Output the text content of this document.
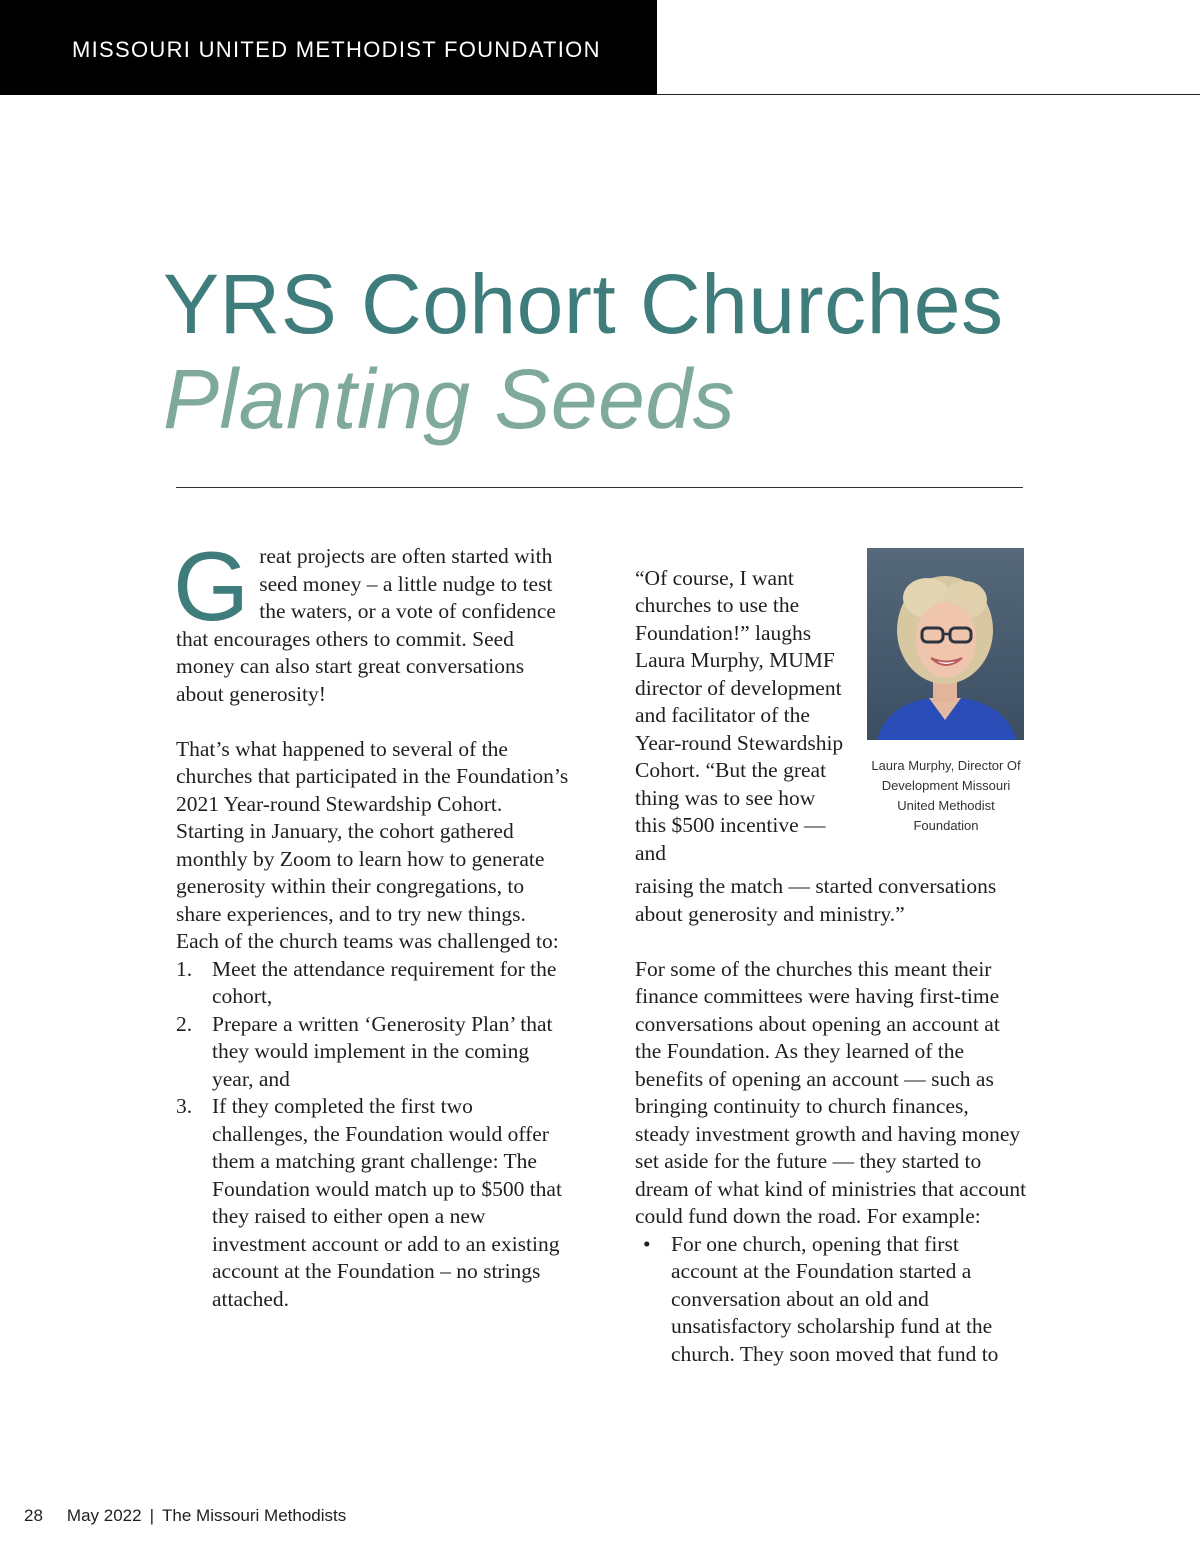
MISSOURI UNITED METHODIST FOUNDATION
YRS Cohort Churches
Planting Seeds

Great projects are often started with seed money – a little nudge to test the waters, or a vote of confidence that encourages others to commit. Seed money can also start great conversations about generosity!

That’s what happened to several of the churches that participated in the Foundation’s 2021 Year-round Stewardship Cohort. Starting in January, the cohort gathered monthly by Zoom to learn how to generate generosity within their congregations, to share experiences, and to try new things. Each of the church teams was challenged to:

1. Meet the attendance requirement for the cohort,
2. Prepare a written ‘Generosity Plan’ that they would implement in the coming year, and
3. If they completed the first two challenges, the Foundation would offer them a matching grant challenge: The Foundation would match up to $500 that they raised to either open a new investment account or add to an existing account at the Foundation – no strings attached.

“Of course, I want churches to use the Foundation!” laughs Laura Murphy, MUMF director of development and facilitator of the Year-round Stewardship Cohort. “But the great thing was to see how this $500 incentive — and

Laura Murphy, Director Of Development Missouri United Methodist Foundation

raising the match — started conversations about generosity and ministry.”

For some of the churches this meant their finance committees were having first-time conversations about opening an account at the Foundation. As they learned of the benefits of opening an account — such as bringing continuity to church finances, steady investment growth and having money set aside for the future — they started to dream of what kind of ministries that account could fund down the road. For example:

• For one church, opening that first account at the Foundation started a conversation about an old and unsatisfactory scholarship fund at the church. They soon moved that fund to
28 May 2022 | The Missouri Methodists
